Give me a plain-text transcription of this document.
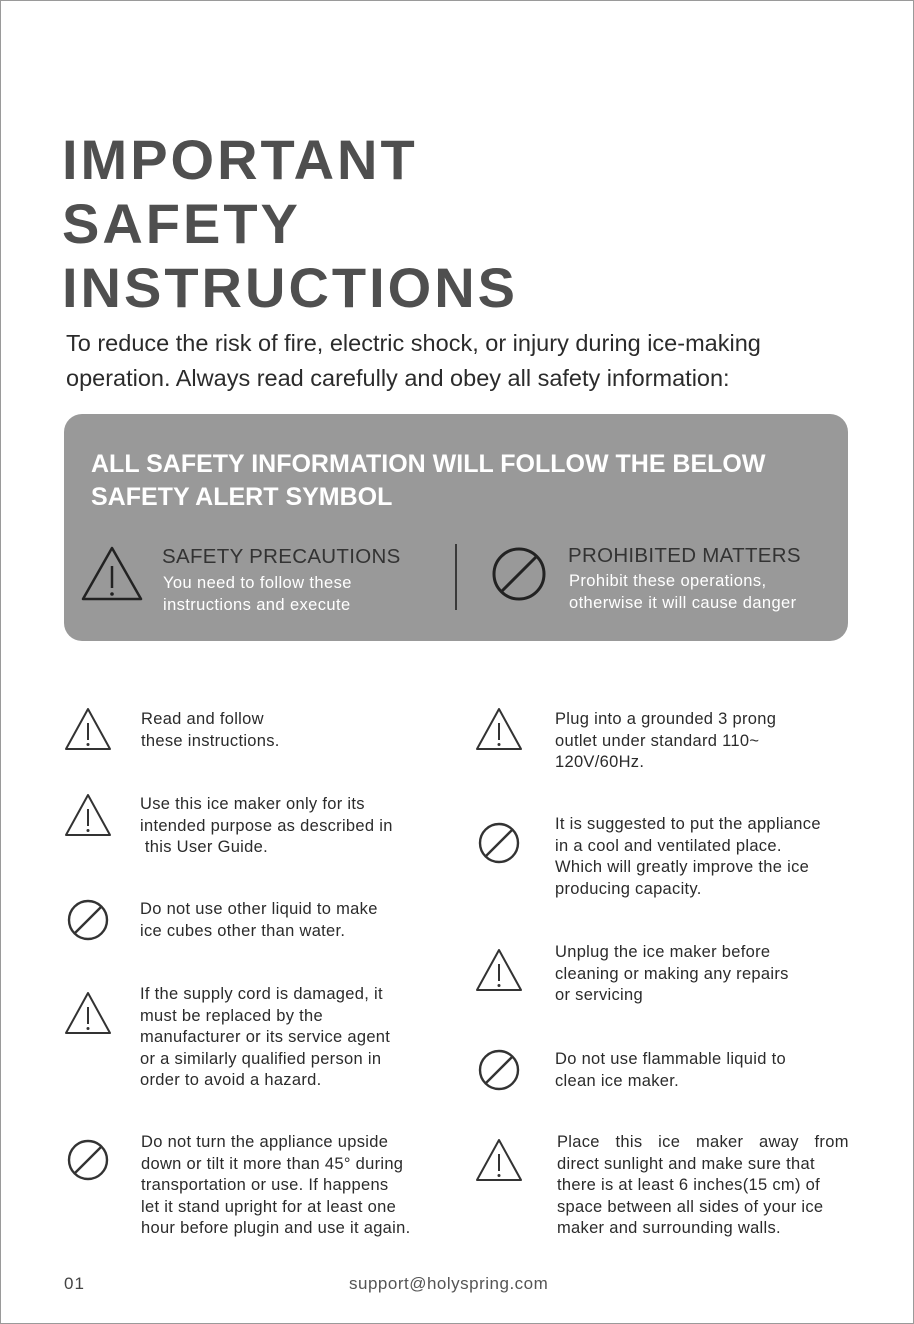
IMPORTANT
SAFETY
INSTRUCTIONS

To reduce the risk of fire, electric shock, or injury during ice-making
operation. Always read carefully and obey all safety information:

ALL SAFETY INFORMATION WILL FOLLOW THE BELOW
SAFETY ALERT SYMBOL
SAFETY PRECAUTIONS
You need to follow these
instructions and execute
PROHIBITED MATTERS
Prohibit these operations,
otherwise it will cause danger

Read and follow
these instructions.

Use this ice maker only for its
intended purpose as described in
this User Guide.

Do not use other liquid to make
ice cubes other than water.

If the supply cord is damaged, it
must be replaced by the
manufacturer or its service agent
or a similarly qualified person in
order to avoid a hazard.

Do not turn the appliance upside
down or tilt it more than 45° during
transportation or use. If happens
let it stand upright for at least one
hour before plugin and use it again.

Plug into a grounded 3 prong
outlet under standard 110~
120V/60Hz.

It is suggested to put the appliance
in a cool and ventilated place.
Which will greatly improve the ice
producing capacity.

Unplug the ice maker before
cleaning or making any repairs
or servicing

Do not use flammable liquid to
clean ice maker.

Place  this  ice  maker  away  from
direct sunlight and make sure that
there is at least 6 inches(15 cm) of
space between all sides of your ice
maker and surrounding walls.

01	support@holyspring.com
